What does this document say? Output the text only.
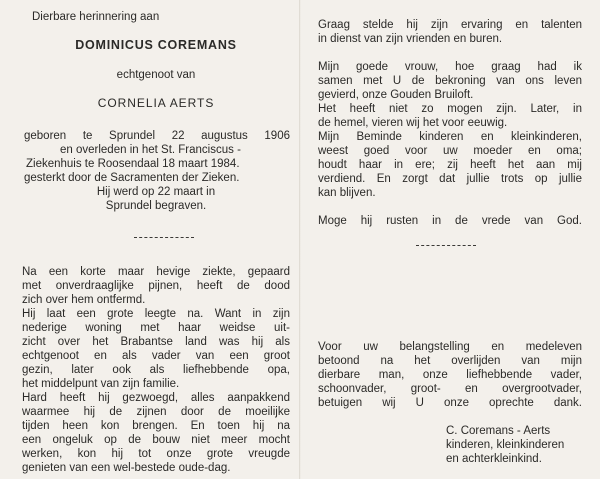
Dierbare herinnering aan
DOMINICUS COREMANS
echtgenoot van
CORNELIA AERTS
geboren te Sprundel 22 augustus 1906
en overleden in het St. Franciscus -
Ziekenhuis te Roosendaal 18 maart 1984.
gesterkt door de Sacramenten der Zieken.
Hij werd op 22 maart in
Sprundel begraven.
Na een korte maar hevige ziekte, gepaard
met onverdraaglijke pijnen, heeft de dood
zich over hem ontfermd.
Hij laat een grote leegte na. Want in zijn
nederige woning met haar weidse uit-
zicht over het Brabantse land was hij als
echtgenoot en als vader van een groot
gezin, later ook als liefhebbende opa,
het middelpunt van zijn familie.
Hard heeft hij gezwoegd, alles aanpakkend
waarmee hij de zijnen door de moeilijke
tijden heen kon brengen. En toen hij na
een ongeluk op de bouw niet meer mocht
werken, kon hij tot onze grote vreugde
genieten van een wel-bestede oude-dag.
Graag stelde hij zijn ervaring en talenten
in dienst van zijn vrienden en buren.
Mijn goede vrouw, hoe graag had ik
samen met U de bekroning van ons leven
gevierd, onze Gouden Bruiloft.
Het heeft niet zo mogen zijn. Later, in
de hemel, vieren wij het voor eeuwig.
Mijn Beminde kinderen en kleinkinderen,
weest goed voor uw moeder en oma;
houdt haar in ere; zij heeft het aan mij
verdiend. En zorgt dat jullie trots op jullie
kan blijven.
Moge hij rusten in de vrede van God.
Voor uw belangstelling en medeleven
betoond na het overlijden van mijn
dierbare man, onze liefhebbende vader,
schoonvader, groot- en overgrootvader,
betuigen wij U onze oprechte dank.
C. Coremans - Aerts
kinderen, kleinkinderen
en achterkleinkind.
